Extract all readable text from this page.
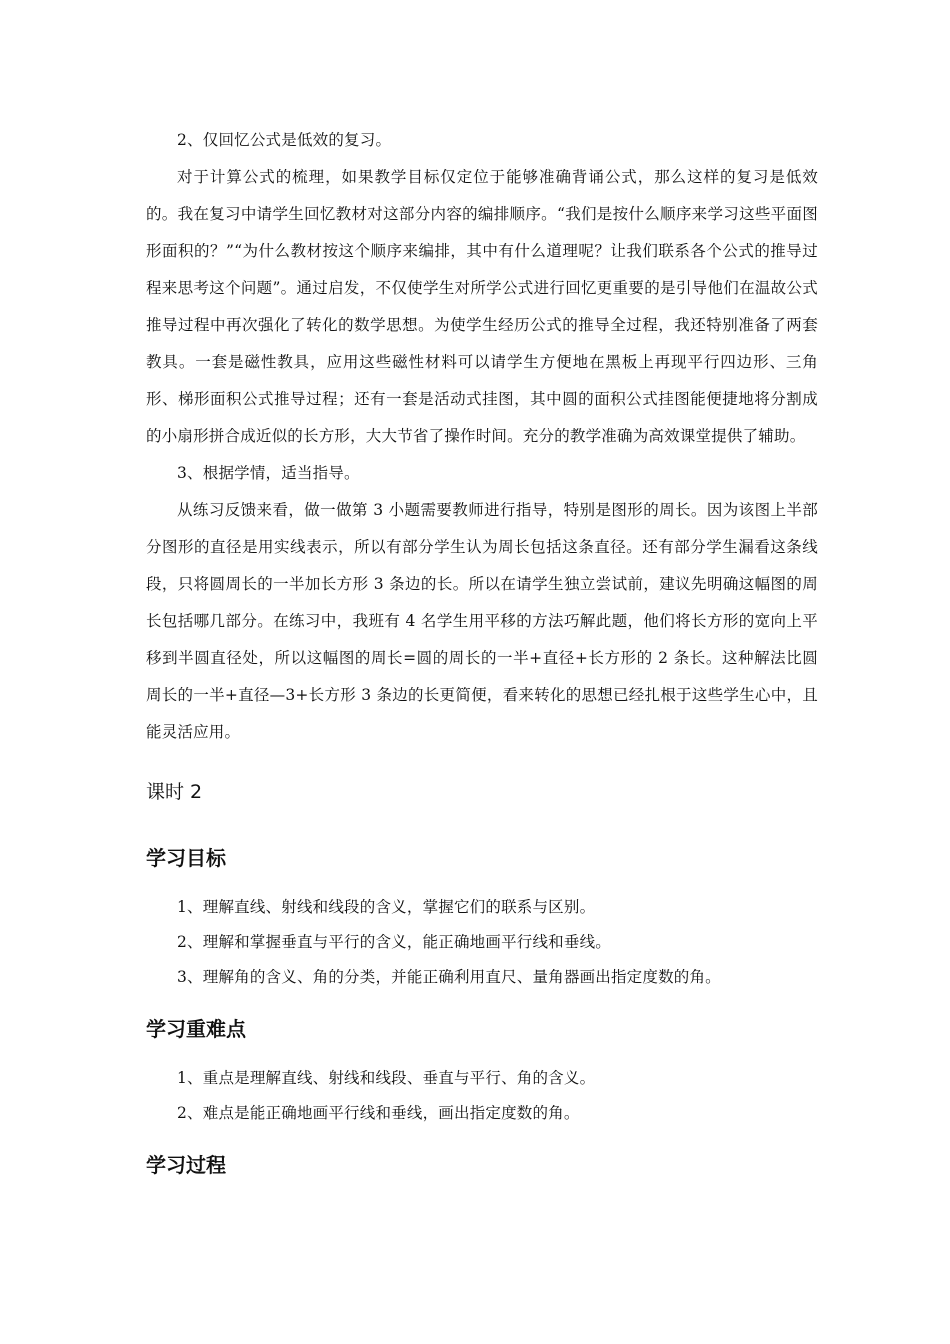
2、仅回忆公式是低效的复习。

对于计算公式的梳理，如果教学目标仅定位于能够准确背诵公式，那么这样的复习是低效的。我在复习中请学生回忆教材对这部分内容的编排顺序。“我们是按什么顺序来学习这些平面图形面积的？”“为什么教材按这个顺序来编排，其中有什么道理呢？让我们联系各个公式的推导过程来思考这个问题”。通过启发，不仅使学生对所学公式进行回忆更重要的是引导他们在温故公式推导过程中再次强化了转化的数学思想。为使学生经历公式的推导全过程，我还特别准备了两套教具。一套是磁性教具，应用这些磁性材料可以请学生方便地在黑板上再现平行四边形、三角形、梯形面积公式推导过程；还有一套是活动式挂图，其中圆的面积公式挂图能便捷地将分割成的小扇形拼合成近似的长方形，大大节省了操作时间。充分的教学准确为高效课堂提供了辅助。

3、根据学情，适当指导。

从练习反馈来看，做一做第 3 小题需要教师进行指导，特别是图形的周长。因为该图上半部分图形的直径是用实线表示，所以有部分学生认为周长包括这条直径。还有部分学生漏看这条线段，只将圆周长的一半加长方形 3 条边的长。所以在请学生独立尝试前，建议先明确这幅图的周长包括哪几部分。在练习中，我班有 4 名学生用平移的方法巧解此题，他们将长方形的宽向上平移到半圆直径处，所以这幅图的周长=圆的周长的一半+直径+长方形的 2 条长。这种解法比圆周长的一半+直径—3+长方形 3 条边的长更简便，看来转化的思想已经扎根于这些学生心中，且能灵活应用。

课时 2
学习目标

1、理解直线、射线和线段的含义，掌握它们的联系与区别。

2、理解和掌握垂直与平行的含义，能正确地画平行线和垂线。

3、理解角的含义、角的分类，并能正确利用直尺、量角器画出指定度数的角。

学习重难点

1、重点是理解直线、射线和线段、垂直与平行、角的含义。

2、难点是能正确地画平行线和垂线，画出指定度数的角。

学习过程
